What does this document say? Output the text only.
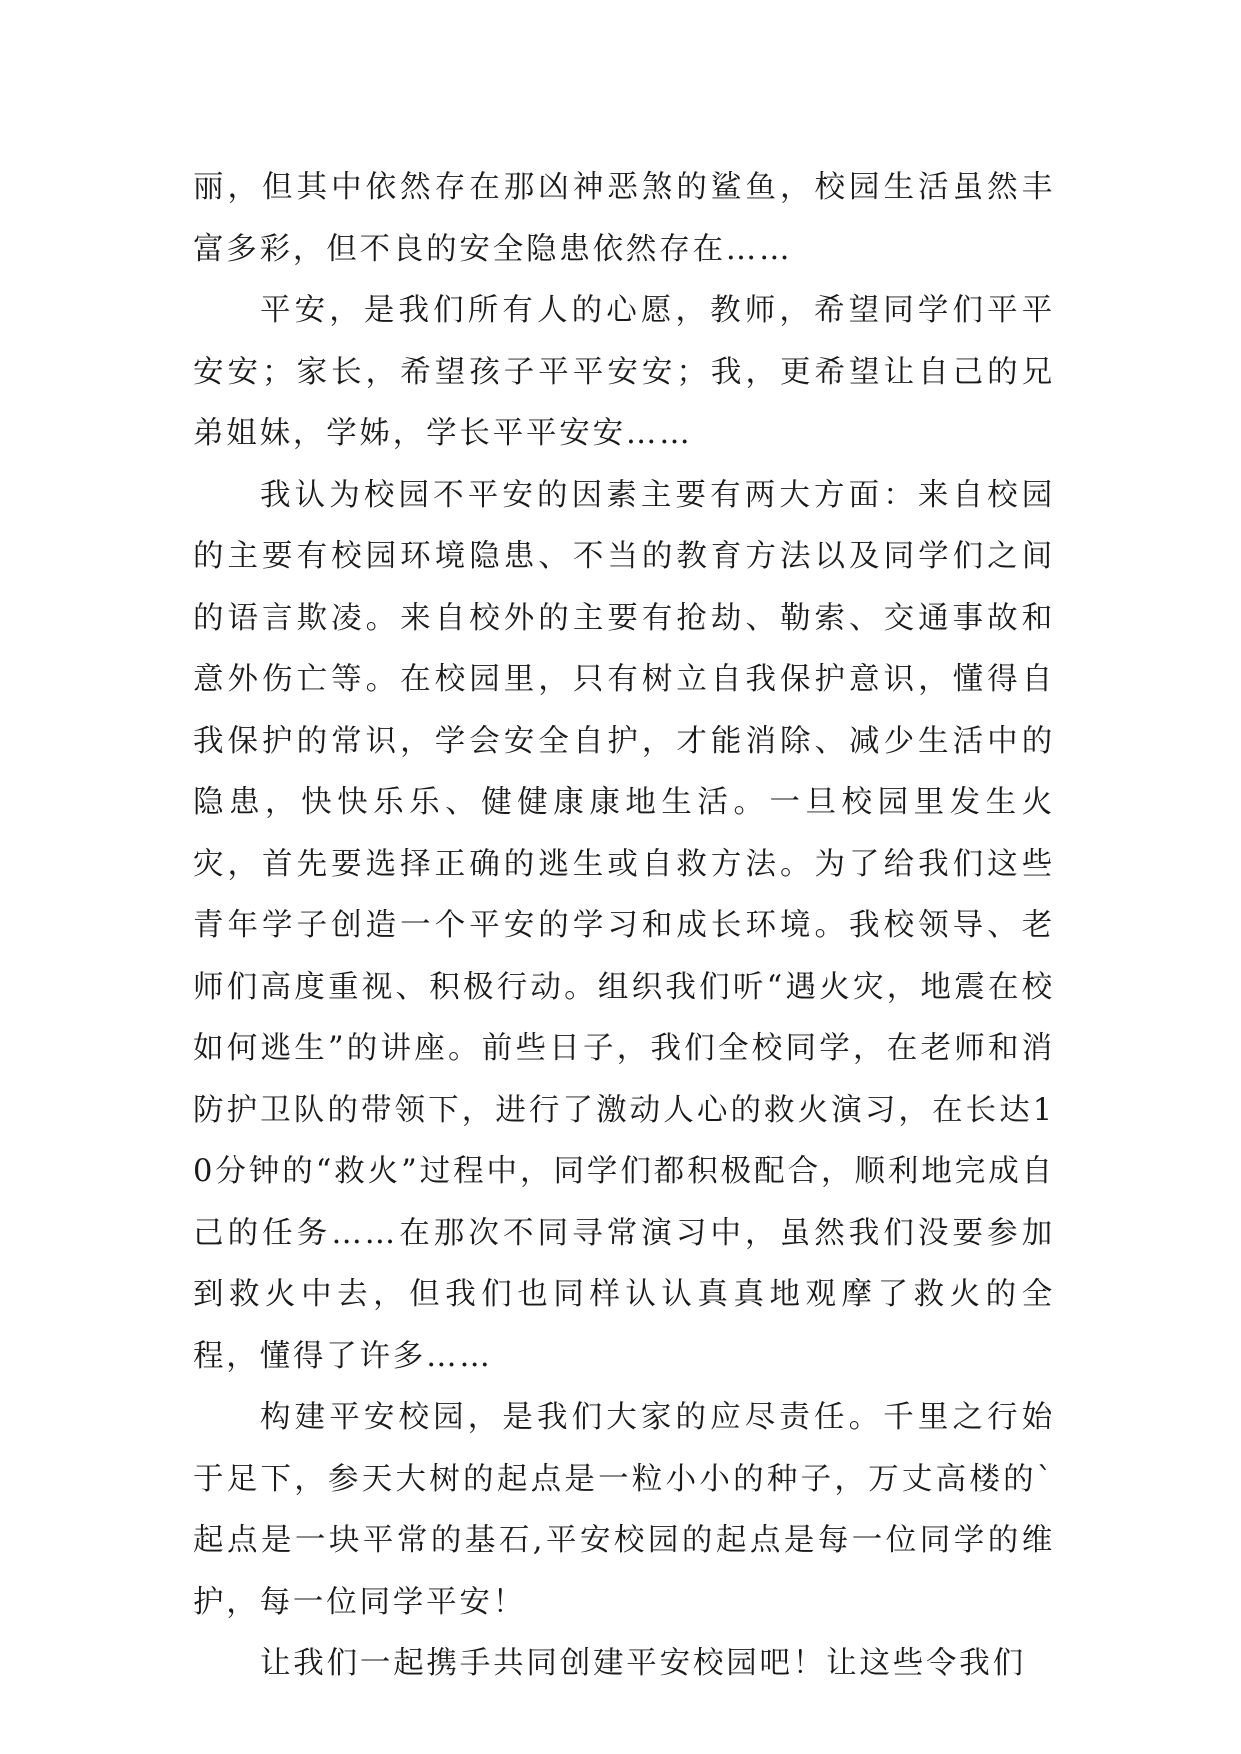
丽，但其中依然存在那凶神恶煞的鲨鱼，校园生活虽然丰富多彩，但不良的安全隐患依然存在……

平安，是我们所有人的心愿，教师，希望同学们平平安安；家长，希望孩子平平安安；我，更希望让自己的兄弟姐妹，学姊，学长平平安安……

我认为校园不平安的因素主要有两大方面：来自校园的主要有校园环境隐患、不当的教育方法以及同学们之间的语言欺凌。来自校外的主要有抢劫、勒索、交通事故和意外伤亡等。在校园里，只有树立自我保护意识，懂得自我保护的常识，学会安全自护，才能消除、减少生活中的隐患，快快乐乐、健健康康地生活。一旦校园里发生火灾，首先要选择正确的逃生或自救方法。为了给我们这些青年学子创造一个平安的学习和成长环境。我校领导、老师们高度重视、积极行动。组织我们听“遇火灾，地震在校如何逃生”的讲座。前些日子，我们全校同学，在老师和消防护卫队的带领下，进行了激动人心的救火演习，在长达10分钟的“救火”过程中，同学们都积极配合，顺利地完成自己的任务……在那次不同寻常演习中，虽然我们没要参加到救火中去，但我们也同样认认真真地观摩了救火的全程，懂得了许多……

构建平安校园，是我们大家的应尽责任。千里之行始于足下，参天大树的起点是一粒小小的种子，万丈高楼的`起点是一块平常的基石,平安校园的起点是每一位同学的维护，每一位同学平安！

让我们一起携手共同创建平安校园吧！让这些令我们
